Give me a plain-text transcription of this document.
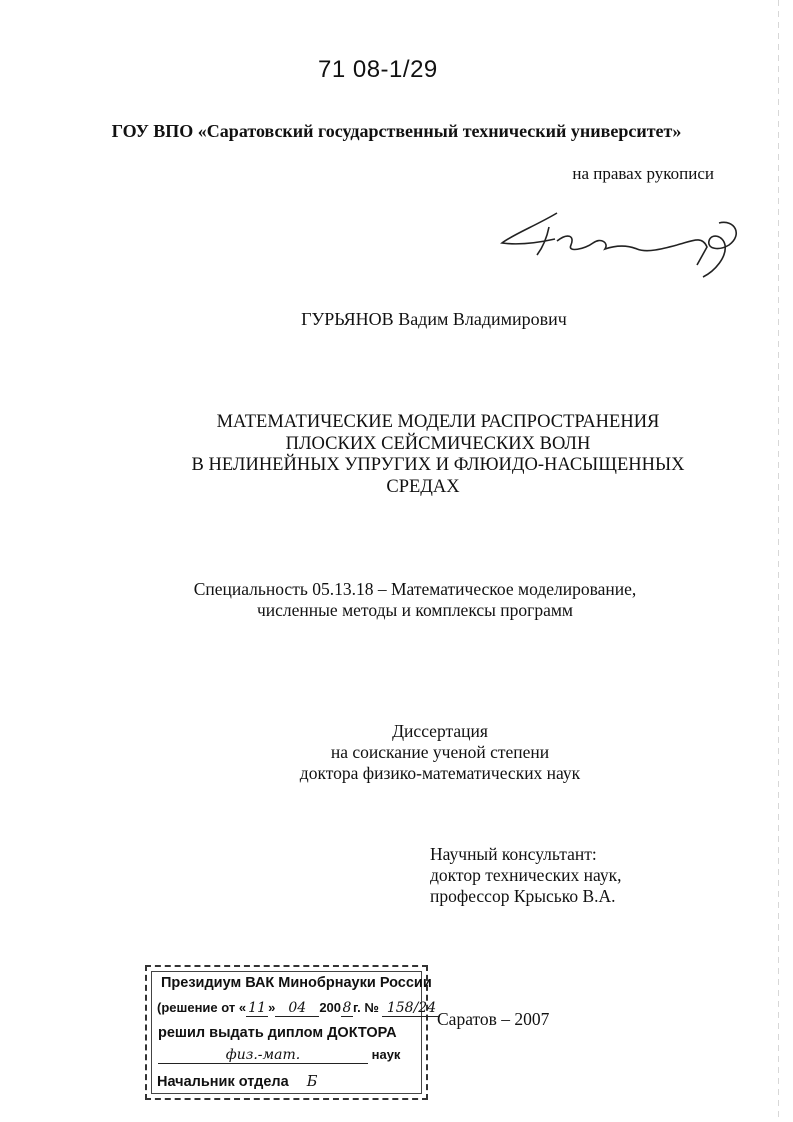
71 08-1/29
ГОУ ВПО «Саратовский государственный технический университет»
на правах рукописи
ГУРЬЯНОВ Вадим Владимирович
МАТЕМАТИЧЕСКИЕ МОДЕЛИ РАСПРОСТРАНЕНИЯ
ПЛОСКИХ СЕЙСМИЧЕСКИХ ВОЛН
В НЕЛИНЕЙНЫХ УПРУГИХ И ФЛЮИДО-НАСЫЩЕННЫХ
СРЕДАХ
Специальность 05.13.18 – Математическое моделирование,
численные методы и комплексы программ
Диссертация
на соискание ученой степени
доктора физико-математических наук
Научный консультант:
доктор технических наук,
профессор Крысько В.А.
Саратов – 2007
Президиум ВАК Минобрнауки России
(решение от « 11 » 04 200 8 г. № 158/24
решил выдать диплом ДОКТОРА
физ.-мат.	наук
Начальник отдела Б
